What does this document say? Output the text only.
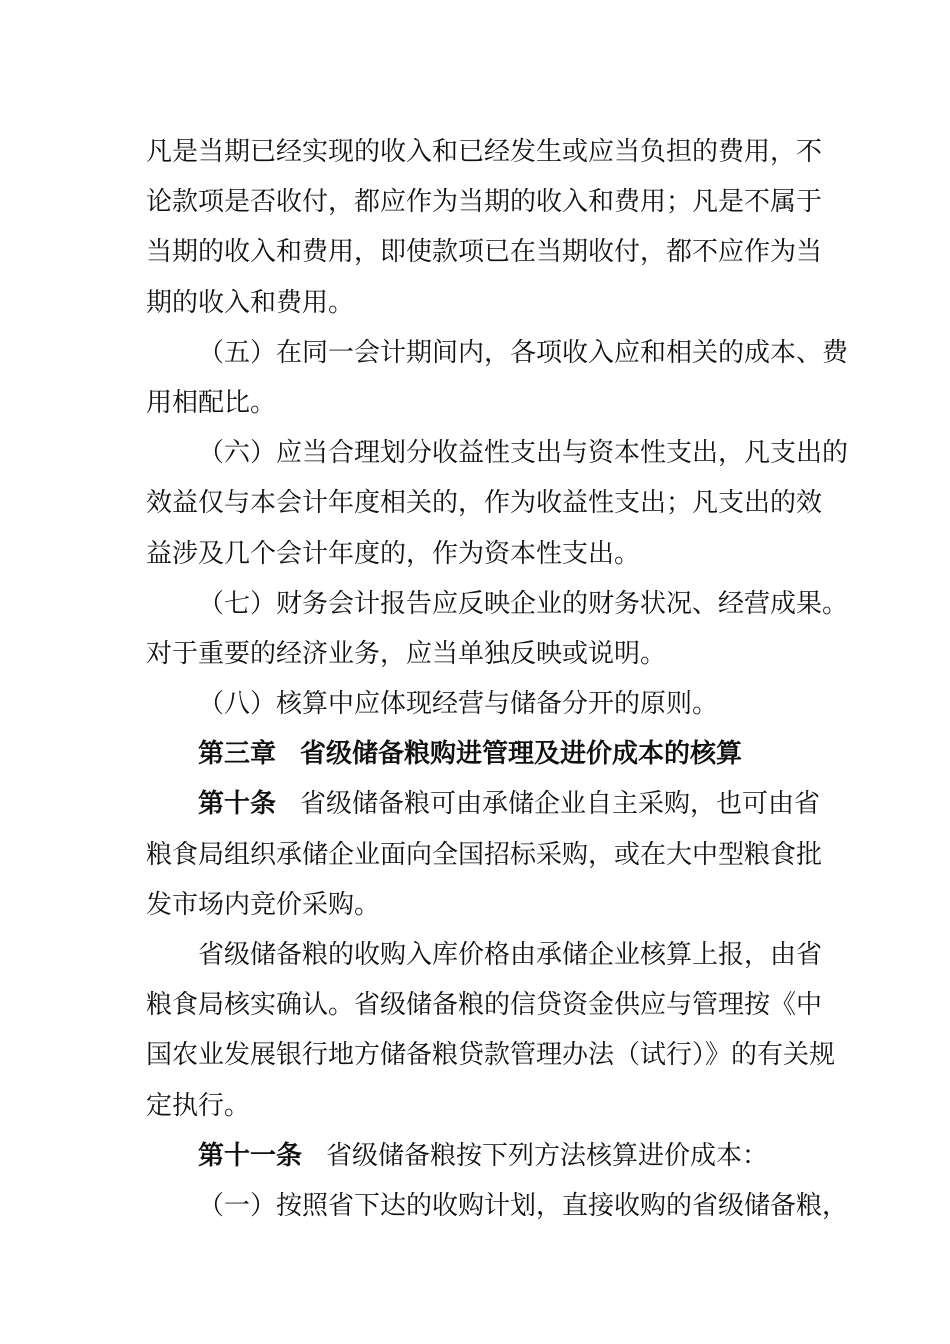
凡是当期已经实现的收入和已经发生或应当负担的费用，不
论款项是否收付，都应作为当期的收入和费用；凡是不属于
当期的收入和费用，即使款项已在当期收付，都不应作为当
期的收入和费用。
（五）在同一会计期间内，各项收入应和相关的成本、费
用相配比。
（六）应当合理划分收益性支出与资本性支出，凡支出的
效益仅与本会计年度相关的，作为收益性支出；凡支出的效
益涉及几个会计年度的，作为资本性支出。
（七）财务会计报告应反映企业的财务状况、经营成果。
对于重要的经济业务，应当单独反映或说明。
（八）核算中应体现经营与储备分开的原则。
第三章 省级储备粮购进管理及进价成本的核算
第十条 省级储备粮可由承储企业自主采购，也可由省
粮食局组织承储企业面向全国招标采购，或在大中型粮食批
发市场内竞价采购。
省级储备粮的收购入库价格由承储企业核算上报，由省
粮食局核实确认。省级储备粮的信贷资金供应与管理按《中
国农业发展银行地方储备粮贷款管理办法（试行）》的有关规
定执行。
第十一条 省级储备粮按下列方法核算进价成本：
（一）按照省下达的收购计划，直接收购的省级储备粮，
